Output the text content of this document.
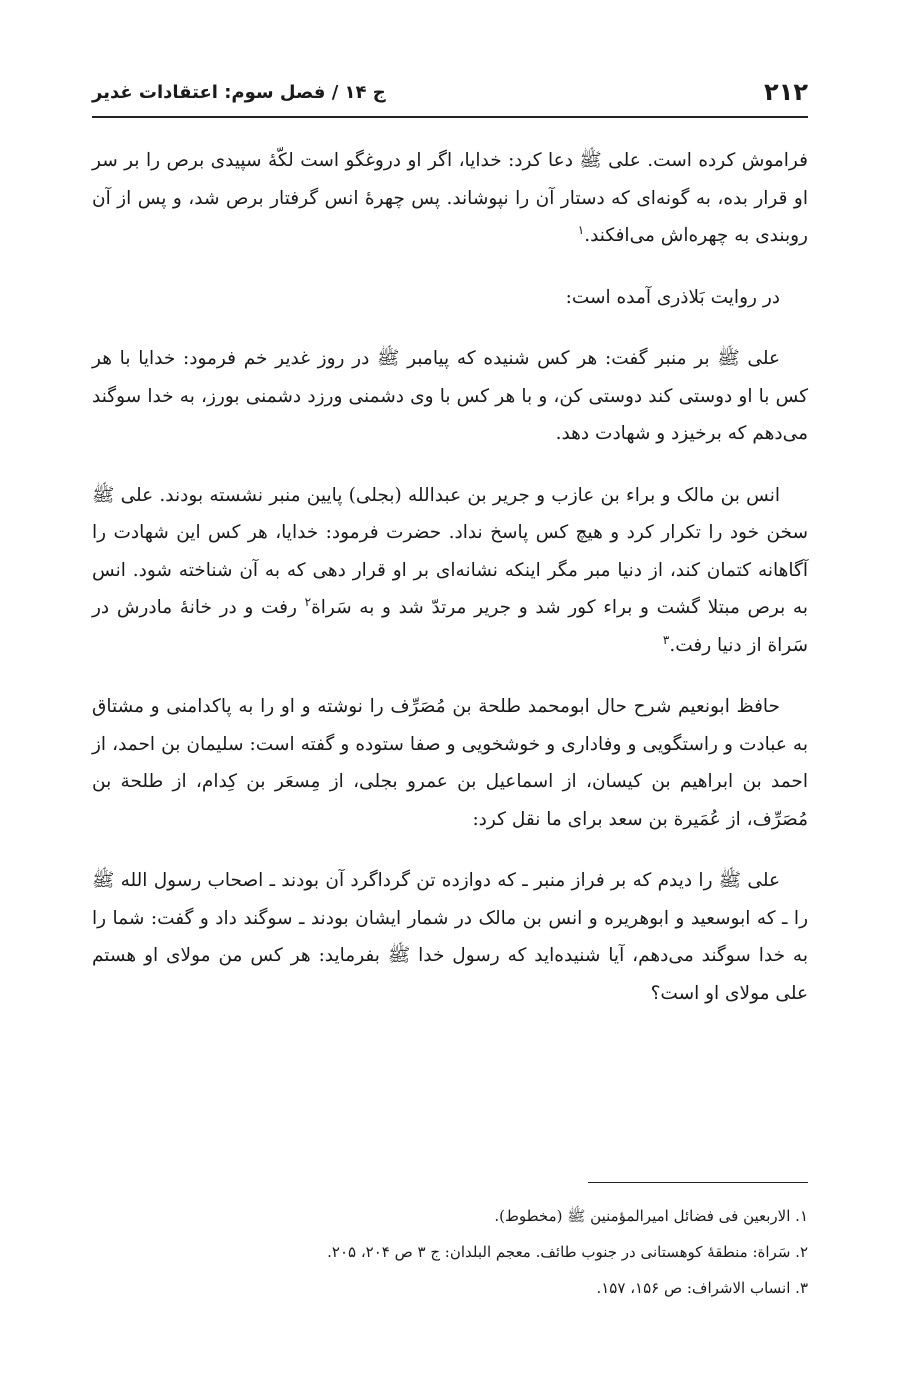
۲۱۲
ج ۱۴ / فصل سوم: اعتقادات غدیر

فراموش کرده است. علی ﷺ دعا کرد: خدایا، اگر او دروغگو است لکّهٔ سپیدی برص را بر سر او قرار بده، به گونه‌ای که دستار آن را نپوشاند. پس چهرهٔ انس گرفتار برص شد، و پس از آن روبندی به چهره‌اش می‌افکند.$^۱$

در روایت بَلاذری آمده است:

علی ﷺ بر منبر گفت: هر کس شنیده که پیامبر ﷺ در روز غدیر خم فرمود: خدایا با هر کس با او دوستی کند دوستی کن، و با هر کس با وی دشمنی ورزد دشمنی بورز، به خدا سوگند می‌دهم که برخیزد و شهادت دهد.

انس بن مالک و براء بن عازب و جریر بن عبدالله (بجلی) پایین منبر نشسته بودند. علی ﷺ سخن خود را تکرار کرد و هیچ کس پاسخ نداد. حضرت فرمود: خدایا، هر کس این شهادت را آگاهانه کتمان کند، از دنیا مبر مگر اینکه نشانه‌ای بر او قرار دهی که به آن شناخته شود. انس به برص مبتلا گشت و براء کور شد و جریر مرتدّ شد و به سَراة$^۲$ رفت و در خانهٔ مادرش در سَراة از دنیا رفت.$^۳$

حافظ ابونعیم شرح حال ابومحمد طلحة بن مُصَرِّف را نوشته و او را به پاکدامنی و مشتاق به عبادت و راستگویی و وفاداری و خوشخویی و صفا ستوده و گفته است: سلیمان بن احمد، از احمد بن ابراهیم بن کیسان، از اسماعیل بن عمرو بجلی، از مِسعَر بن کِدام، از طلحة بن مُصَرِّف، از عُمَیرة بن سعد برای ما نقل کرد:

علی ﷺ را دیدم که بر فراز منبر ـ که دوازده تن گرداگرد آن بودند ـ اصحاب رسول الله ﷺ را ـ که ابوسعید و ابوهریره و انس بن مالک در شمار ایشان بودند ـ سوگند داد و گفت: شما را به خدا سوگند می‌دهم، آیا شنیده‌اید که رسول خدا ﷺ بفرماید: هر کس من مولای او هستم علی مولای او است؟

۱. الاربعین فی فضائل امیرالمؤمنین ﷺ (مخطوط).
۲. سَراة: منطقهٔ کوهستانی در جنوب طائف. معجم البلدان: ج ۳ ص ۲۰۴، ۲۰۵.
۳. انساب الاشراف: ص ۱۵۶، ۱۵۷.
